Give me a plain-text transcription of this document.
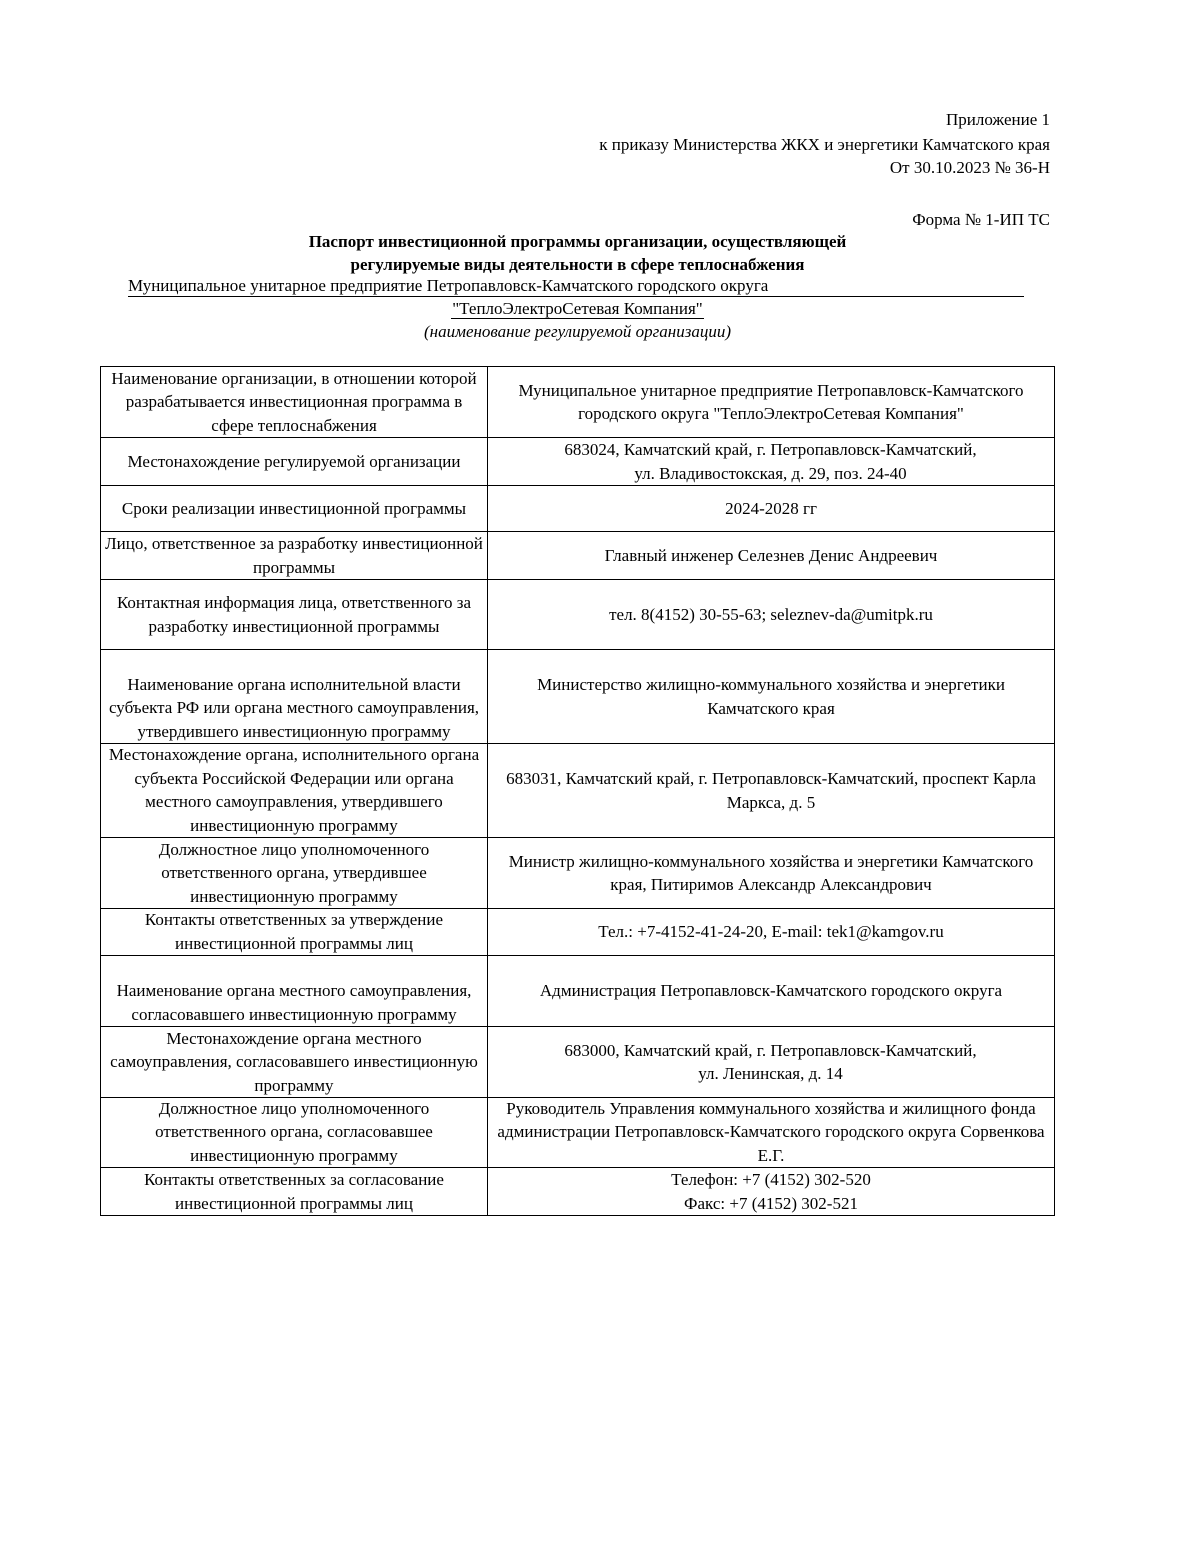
Приложение 1
к приказу Министерства ЖКХ и энергетики Камчатского края
От 30.10.2023 № 36-Н
Форма № 1-ИП ТС
Паспорт инвестиционной программы организации, осуществляющей
регулируемые виды деятельности в сфере теплоснабжения
Муниципальное унитарное предприятие Петропавловск-Камчатского городского округа
"ТеплоЭлектроСетевая Компания"
(наименование регулируемой организации)
Наименование организации, в отношении которой разрабатывается инвестиционная программа в сфере теплоснабжения	Муниципальное унитарное предприятие Петропавловск-Камчатского городского округа "ТеплоЭлектроСетевая Компания"
Местонахождение регулируемой организации	683024, Камчатский край, г. Петропавловск-Камчатский,
ул. Владивостокская, д. 29, поз. 24-40

Сроки реализации инвестиционной программы	2024-2028 гг
Лицо, ответственное за разработку инвестиционной программы	Главный инженер Селезнев Денис Андреевич
Контактная информация лица, ответственного за разработку инвестиционной программы	тел. 8(4152) 30-55-63; seleznev-da@umitpk.ru

Наименование органа исполнительной власти субъекта РФ или органа местного самоуправления, утвердившего инвестиционную программу	Министерство жилищно-коммунального хозяйства и энергетики Камчатского края

Местонахождение органа, исполнительного органа субъекта Российской Федерации или органа местного самоуправления, утвердившего инвестиционную программу	683031, Камчатский край, г. Петропавловск-Камчатский, проспект Карла Маркса, д. 5

Должностное лицо уполномоченного ответственного органа, утвердившее инвестиционную программу	Министр жилищно-коммунального хозяйства и энергетики Камчатского края, Питиримов Александр Александрович

Контакты ответственных за утверждение инвестиционной программы лиц	Тел.: +7-4152-41-24-20, E-mail: tek1@kamgov.ru

Наименование органа местного самоуправления, согласовавшего инвестиционную программу	Администрация Петропавловск-Камчатского городского округа

Местонахождение органа местного самоуправления, согласовавшего инвестиционную программу	683000, Камчатский край, г. Петропавловск-Камчатский,
ул. Ленинская, д. 14

Должностное лицо уполномоченного ответственного органа, согласовавшее инвестиционную программу	Руководитель Управления коммунального хозяйства и жилищного фонда администрации Петропавловск-Камчатского городского округа Сорвенкова Е.Г.

Контакты ответственных за согласование инвестиционной программы лиц	Телефон: +7 (4152) 302-520
Факс: +7 (4152) 302-521
